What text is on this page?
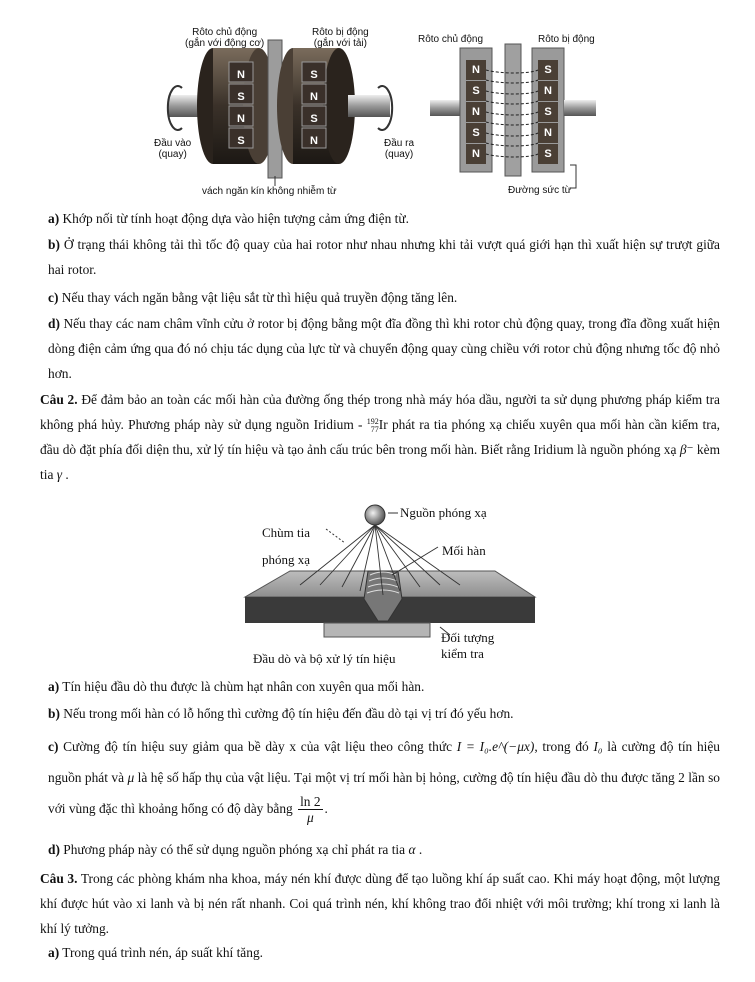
Rôto chủ động
(gắn với động cơ)
Rôto bị động
(gắn với tải)
Đầu vào
(quay)
Đầu ra
(quay)
vách ngăn kín không nhiễm từ
Rôto chủ động	Rôto bị động
Đường sức từ
N
S
N
S
S
N
S
N
N
S
N
S
N
S
N
S
N
S
a) Khớp nối từ tính hoạt động dựa vào hiện tượng cảm ứng điện từ.
b) Ở trạng thái không tải thì tốc độ quay của hai rotor như nhau nhưng khi tải vượt quá giới hạn thì xuất hiện sự trượt giữa hai rotor.
c) Nếu thay vách ngăn bằng vật liệu sắt từ thì hiệu quả truyền động tăng lên.
d) Nếu thay các nam châm vĩnh cửu ở rotor bị động bằng một đĩa đồng thì khi rotor chủ động quay, trong đĩa đồng xuất hiện dòng điện cảm ứng qua đó nó chịu tác dụng của lực từ và chuyển động quay cùng chiều với rotor chủ động nhưng tốc độ nhỏ hơn.
Câu 2. Để đảm bảo an toàn các mối hàn của đường ống thép trong nhà máy hóa dầu, người ta sử dụng phương pháp kiểm tra không phá hủy. Phương pháp này sử dụng nguồn Iridium - 192
77Ir phát ra tia phóng xạ chiếu xuyên qua mối hàn cần kiểm tra, đầu dò đặt phía đối diện thu, xử lý tín hiệu và tạo ảnh cấu trúc bên trong mối hàn. Biết rằng Iridium là nguồn phóng xạ β⁻ kèm tia γ .
Nguồn phóng xạ
Chùm tia
phóng xạ
Mối hàn
Đầu dò và bộ xử lý tín hiệu
Đối tượng
kiểm tra
a) Tín hiệu đầu dò thu được là chùm hạt nhân con xuyên qua mối hàn.
b) Nếu trong mối hàn có lỗ hổng thì cường độ tín hiệu đến đầu dò tại vị trí đó yếu hơn.
c) Cường độ tín hiệu suy giảm qua bề dày x của vật liệu theo công thức I = I₀.e^(−μx), trong đó I₀ là cường độ tín hiệu nguồn phát và μ là hệ số hấp thụ của vật liệu. Tại một vị trí mối hàn bị hỏng, cường độ tín hiệu đầu dò thu được tăng 2 lần so với vùng đặc thì khoảng hổng có độ dày bằng $\frac{\ln 2}{\mu}$ .
d) Phương pháp này có thể sử dụng nguồn phóng xạ chỉ phát ra tia α .
Câu 3. Trong các phòng khám nha khoa, máy nén khí được dùng để tạo luồng khí áp suất cao. Khi máy hoạt động, một lượng khí được hút vào xi lanh và bị nén rất nhanh. Coi quá trình nén, khí không trao đổi nhiệt với môi trường; khí trong xi lanh là khí lý tưởng.
a) Trong quá trình nén, áp suất khí tăng.
